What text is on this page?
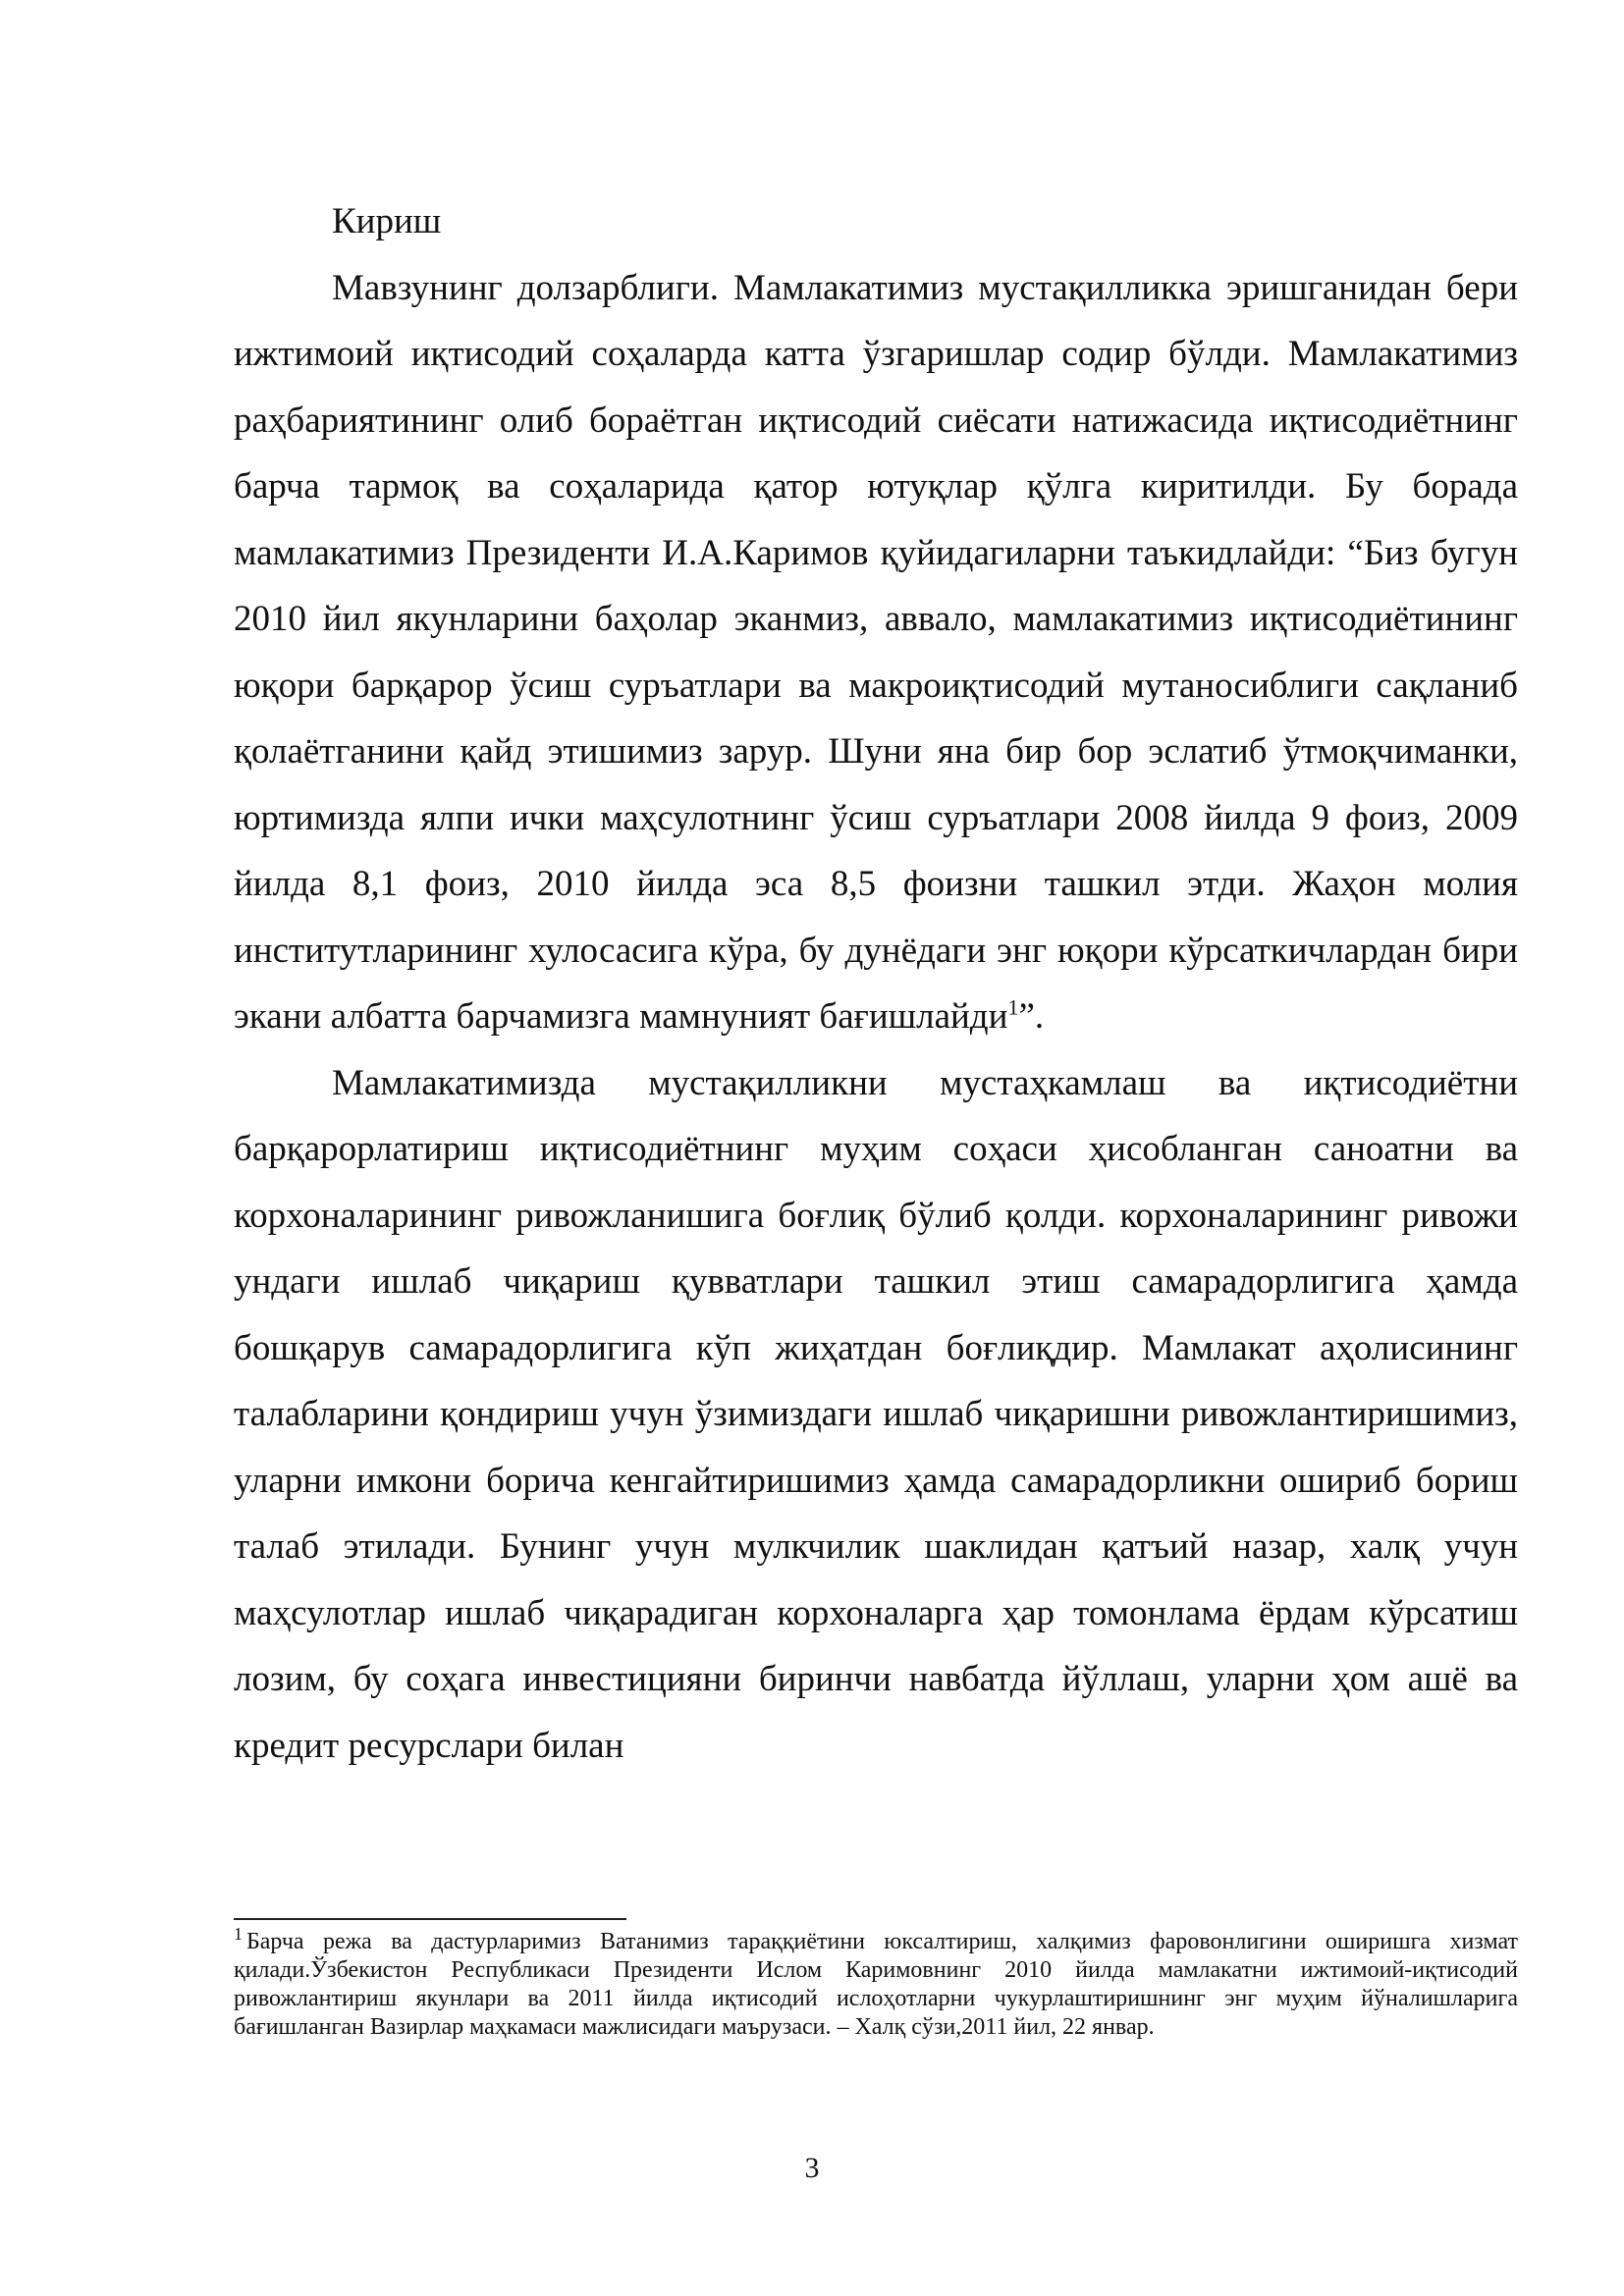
Кириш

Мавзунинг долзарблиги. Мамлакатимиз мустақилликка эришганидан бери ижтимоий иқтисодий соҳаларда катта ўзгаришлар содир бўлди. Мамлакатимиз раҳбариятининг олиб бораётган иқтисодий сиёсати натижасида иқтисодиётнинг барча тармоқ ва соҳаларида қатор ютуқлар қўлга киритилди. Бу борада мамлакатимиз Президенти И.А.Каримов қуйидагиларни таъкидлайди: “Биз бугун 2010 йил якунларини баҳолар эканмиз, аввало, мамлакатимиз иқтисодиётининг юқори барқарор ўсиш суръатлари ва макроиқтисодий мутаносиблиги сақланиб қолаётганини қайд этишимиз зарур. Шуни яна бир бор эслатиб ўтмоқчиманки, юртимизда ялпи ички маҳсулотнинг ўсиш суръатлари 2008 йилда 9 фоиз, 2009 йилда 8,1 фоиз, 2010 йилда эса 8,5 фоизни ташкил этди. Жаҳон молия институтларининг хулосасига кўра, бу дунёдаги энг юқори кўрсаткичлардан бири экани албатта барчамизга мамнуният бағишлайди$^1$”.

Мамлакатимизда мустақилликни мустаҳкамлаш ва иқтисодиётни барқарорлатириш иқтисодиётнинг муҳим соҳаси ҳисобланган саноатни ва корхоналарининг ривожланишига боғлиқ бўлиб қолди. корхоналарининг ривожи ундаги ишлаб чиқариш қувватлари ташкил этиш самарадорлигига ҳамда бошқарув самарадорлигига кўп жиҳатдан боғлиқдир. Мамлакат аҳолисининг талабларини қондириш учун ўзимиздаги ишлаб чиқаришни ривожлантиришимиз, уларни имкони борича кенгайтиришимиз ҳамда самарадорликни ошириб бориш талаб этилади. Бунинг учун мулкчилик шаклидан қатъий назар, халқ учун маҳсулотлар ишлаб чиқарадиган корхоналарга ҳар томонлама ёрдам кўрсатиш лозим, бу соҳага инвестицияни биринчи навбатда йўллаш, уларни ҳом ашё ва кредит ресурслари билан

$^1$ Барча режа ва дастурларимиз Ватанимиз тараққиётини юксалтириш, халқимиз фаровонлигини оширишга хизмат қилади.Ўзбекистон Республикаси Президенти Ислом Каримовнинг 2010 йилда мамлакатни ижтимоий-иқтисодий ривожлантириш якунлари ва 2011 йилда иқтисодий ислоҳотларни чукурлаштиришнинг энг муҳим йўналишларига бағишланган Вазирлар маҳкамаси мажлисидаги маърузаси. – Халқ сўзи,2011 йил, 22 январ.

3
